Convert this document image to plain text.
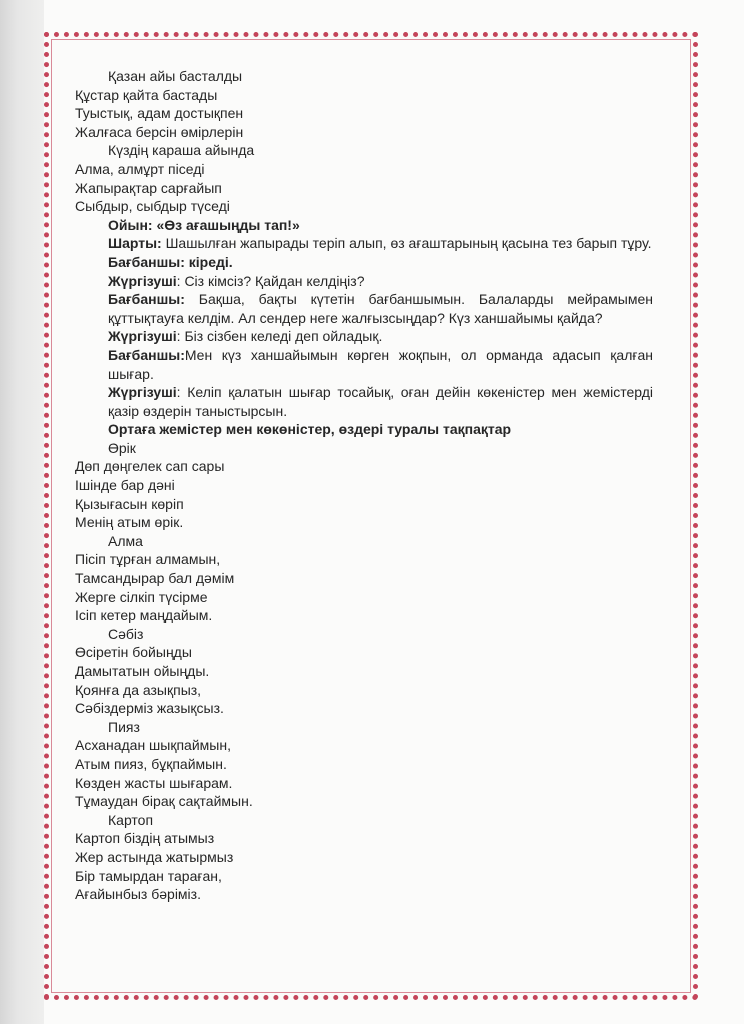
Қазан айы басталды
Құстар қайта бастады
Туыстық, адам достықпен
Жалғаса берсін өмірлерін
Күздің караша айында
Алма, алмұрт піседі
Жапырақтар сарғайып
Сыбдыр, сыбдыр түседі
Ойын: «Өз ағашыңды тап!»
Шарты: Шашылған жапырады теріп алып, өз ағаштарының қасына тез барып тұру.
Бағбаншы: кіреді.
Жүргізуші: Сіз кімсіз? Қайдан келдіңіз?
Бағбаншы: Бақша, бақты күтетін бағбаншымын. Балаларды мейрамымен құттықтауға келдім. Ал сендер неге жалғызсыңдар? Күз ханшайымы қайда?
Жүргізуші: Біз сізбен келеді деп ойладық.
Бағбаншы:Мен күз ханшайымын көрген жоқпын, ол орманда адасып қалған шығар.
Жүргізуші: Келіп қалатын шығар тосайық, оған дейін көкеністер мен жемістерді қазір өздерін таныстырсын.
Ортаға жемістер мен көкөністер, өздері туралы тақпақтар
Өрік
Дөп дөңгелек сап сары
Ішінде бар дәні
Қызығасын көріп
Менің атым өрік.
Алма
Пісіп тұрған алмамын,
Тамсандырар бал дәмім
Жерге сілкіп түсірме
Ісіп кетер маңдайым.
Сәбіз
Өсіретін бойыңды
Дамытатын ойыңды.
Қоянға да азықпыз,
Сәбіздерміз жазықсыз.
Пияз
Асханадан шықпаймын,
Атым пияз, бұқпаймын.
Көзден жасты шығарам.
Тұмаудан бірақ сақтаймын.
Картоп
Картоп біздің атымыз
Жер астында жатырмыз
Бір тамырдан тараған,
Ағайынбыз бәріміз.
